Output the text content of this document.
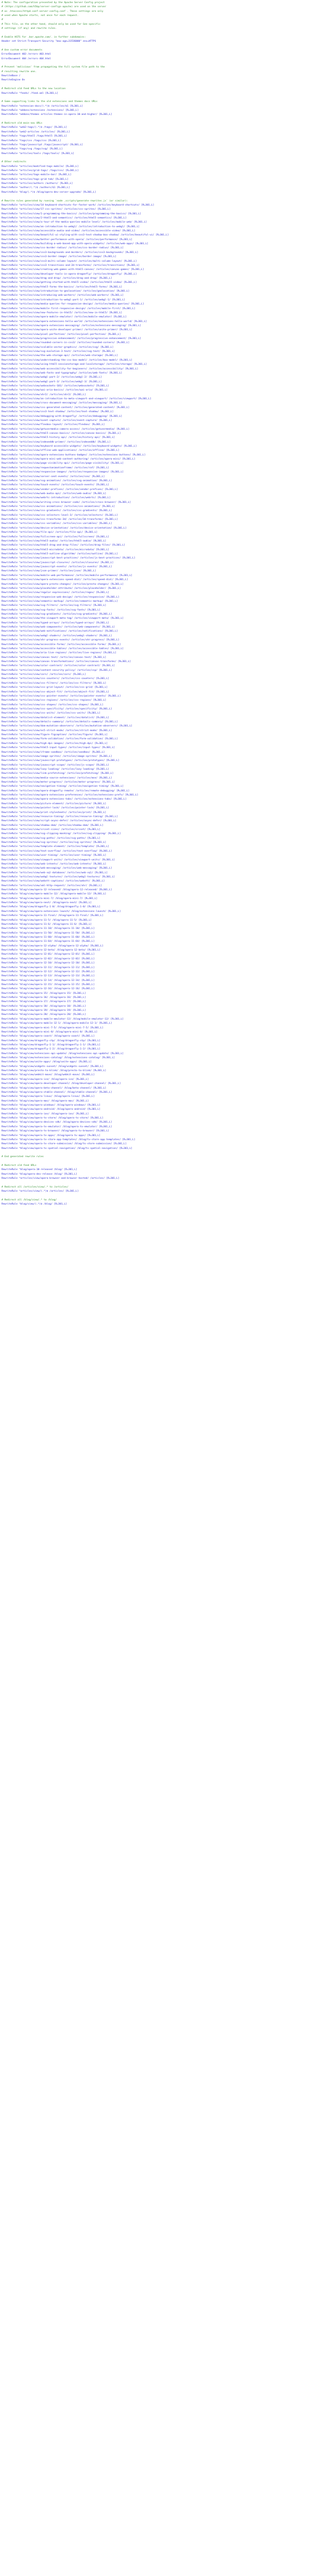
# Note: The configuration presented by the Apache Server Config project
# (https://github.com/h5bp/server-configs-apache) are used on the server
# as .htaccess/httpd.conf-server-config.conf . These settings are only
# used when Apache starts, not once for each request.
#
# This file, on the other hand, should only be used for Gen-specific
# settings (if any) and rewrite rules.
# Enable HSTS for .bar.apache.com/. in further subdomains:
Header set Strict-Transport-Security "max-age=31536000" env=HTTPS
# Use custom error documents
ErrorDocument 403 /errors-403.html
ErrorDocument 404 /errors-404.html
# Prevent 'malicious' from propagating the full system file path to the
# resulting rewrite one.
RewriteBase /
RewriteEngine On
# Redirect old feed URLs to the new location
RewriteRule ^feeds/ /feed.xml [R=301,L]
# Some supporting links to the old extensions and themes docs URLs
RewriteRule ^extension-docs/(.*)$ /articles/$1 [R=301,L]
RewriteRule ^addons/extensions /extensions/ [R=301,L]
RewriteRule ^addons/themes articles-themes-in-opera-10-and-higher/ [R=301,L]
# Redirect old main-nav URLs
RewriteRule ^web2-tags/(.*)$ /tags/ [R=301,L]
RewriteRule ^web2-articles /articles/ [R=301,L]
RewriteRule ^tags/html5 /tags/html5 [R=301,L]
RewriteRule ^tags/css /tags/css [R=301,L]
RewriteRule ^tags/javascript /tags/javascript/ [R=301,L]
RewriteRule ^tags/svg /tags/svg/ [R=301,L]
RewriteRule ^articles/tools /tags/tools/ [R=301,L]
# Other redirects
RewriteRule ^articles/modified-tags-mobile/ [R=301,L]
RewriteRule ^articles/grid-tags/ /tags/css/ [R=301,L]
RewriteRule ^articles/tags-mobile-bar/ [R=301,L]
RewriteRule ^articles/tags-grid-tab/ [R=301,L]
RewriteRule ^articles/authors /authors/ [R=301,L]
RewriteRule ^author/(.*)$ /authors/$1 [R=301,L]
RewriteRule ^blog/(.*)$ /blog/opera-dev-server-upgrade/ [R=301,L]
# Rewrite rules generated by running `node _scripts/generate-rewrites.js` (or similar):
RewriteRule ^articles/view/14-keyboard-shortcuts-for-faster-work/ /articles/keyboard-shortcuts/ [R=301,L]
RewriteRule ^articles/view/17-css-sprites/ /articles/css-sprites/ [R=301,L]
RewriteRule ^articles/view/1-programming-the-basics/ /articles/programming-the-basics/ [R=301,L]
RewriteRule ^articles/view/2-html5-and-semantics/ /articles/html5-semantics/ [R=301,L]
RewriteRule ^articles/view/a-tour-of-the-media-queries-mobile-level/ /articles/mobile-web/ [R=301,L]
RewriteRule ^articles/view/an-introduction-to-webgl/ /articles/introduction-to-webgl/ [R=301,L]
RewriteRule ^articles/view/accessible-audio-and-video/ /articles/accessible-video/ [R=301,L]
RewriteRule ^articles/view/beautiful-ui-styling-with-css3-text-shadow-box-shadow/ /articles/beautiful-ui/ [R=301,L]
RewriteRule ^articles/view/better-performance-with-opera/ /articles/performance/ [R=301,L]
RewriteRule ^articles/view/building-a-web-based-app-with-opera-widgets/ /articles/web-apps/ [R=301,L]
RewriteRule ^articles/view/css-border-radius/ /articles/css-border-radius/ [R=301,L]
RewriteRule ^articles/view/css3-backgrounds-and-borders/ /articles/css3-backgrounds/ [R=301,L]
RewriteRule ^articles/view/css3-border-image/ /articles/border-image/ [R=301,L]
RewriteRule ^articles/view/css3-multi-column-layout/ /articles/multi-column-layout/ [R=301,L]
RewriteRule ^articles/view/css3-transitions-and-2d-transforms/ /articles/transitions/ [R=301,L]
RewriteRule ^articles/view/creating-web-games-with-html5-canvas/ /articles/canvas-games/ [R=301,L]
RewriteRule ^articles/view/developer-tools-in-opera-dragonfly/ /articles/dragonfly/ [R=301,L]
RewriteRule ^articles/view/drag-and-drop/ /articles/drag-and-drop/ [R=301,L]
RewriteRule ^articles/view/getting-started-with-html5-video/ /articles/html5-video/ [R=301,L]
RewriteRule ^articles/view/html5-forms-the-basics/ /articles/html5-forms/ [R=301,L]
RewriteRule ^articles/view/introduction-to-geolocation/ /articles/geolocation/ [R=301,L]
RewriteRule ^articles/view/introducing-web-workers/ /articles/web-workers/ [R=301,L]
RewriteRule ^articles/view/introduction-to-webgl-part-1/ /articles/webgl-1/ [R=301,L]
RewriteRule ^articles/view/media-queries-for-responsive-design/ /articles/media-queries/ [R=301,L]
RewriteRule ^articles/view/mobile-first-responsive-design/ /articles/mobile-first/ [R=301,L]
RewriteRule ^articles/view/new-features-in-html5/ /articles/new-in-html5/ [R=301,L]
RewriteRule ^articles/view/opera-mobile-emulator/ /articles/mobile-emulator/ [R=301,L]
RewriteRule ^articles/view/opera-extensions-hello-world/ /articles/extensions-hello-world/ [R=301,L]
RewriteRule ^articles/view/opera-extensions-messaging/ /articles/extensions-messaging/ [R=301,L]
RewriteRule ^articles/view/opera-unite-developer-primer/ /articles/unite-primer/ [R=301,L]
RewriteRule ^articles/view/pixel-perfection/ /articles/pixel-perfection/ [R=301,L]
RewriteRule ^articles/view/progressive-enhancement/ /articles/progressive-enhancement/ [R=301,L]
RewriteRule ^articles/view/rounded-corners-in-css3/ /articles/rounded-corners/ [R=301,L]
RewriteRule ^articles/view/scalable-vector-graphics/ /articles/svg/ [R=301,L]
RewriteRule ^articles/view/svg-evolution-3-text/ /articles/svg-text/ [R=301,L]
RewriteRule ^articles/view/the-web-storage-api/ /articles/web-storage/ [R=301,L]
RewriteRule ^articles/view/understanding-the-css-box-model/ /articles/box-model/ [R=301,L]
RewriteRule ^articles/view/using-html5-sessionstorage-and-localstorage/ /articles/storage/ [R=301,L]
RewriteRule ^articles/view/web-accessibility-for-beginners/ /articles/accessibility/ [R=301,L]
RewriteRule ^articles/view/web-fonts-and-typography/ /articles/web-fonts/ [R=301,L]
RewriteRule ^articles/view/webgl-part-2/ /articles/webgl-2/ [R=301,L]
RewriteRule ^articles/view/webgl-part-3/ /articles/webgl-3/ [R=301,L]
RewriteRule ^articles/view/websockets-101/ /articles/websockets/ [R=301,L]
RewriteRule ^articles/view/wai-aria-basics/ /articles/wai-aria/ [R=301,L]
RewriteRule ^articles/view/xhr2/ /articles/xhr2/ [R=301,L]
RewriteRule ^articles/view/an-introduction-to-meta-viewport-and-viewport/ /articles/viewport/ [R=301,L]
RewriteRule ^articles/view/cross-document-messaging/ /articles/messaging/ [R=301,L]
RewriteRule ^articles/view/css-generated-content/ /articles/generated-content/ [R=301,L]
RewriteRule ^articles/view/css3-text-shadow/ /articles/text-shadow/ [R=301,L]
RewriteRule ^articles/view/debugging-with-dragonfly/ /articles/debugging/ [R=301,L]
RewriteRule ^articles/view/event-capture/ /articles/event-capture/ [R=301,L]
RewriteRule ^articles/view/flexbox-layout/ /articles/flexbox/ [R=301,L]
RewriteRule ^articles/view/getusermedia-camera-access/ /articles/getusermedia/ [R=301,L]
RewriteRule ^articles/view/html5-canvas-basics/ /articles/canvas-basics/ [R=301,L]
RewriteRule ^articles/view/html5-history-api/ /articles/history-api/ [R=301,L]
RewriteRule ^articles/view/indexeddb-primer/ /articles/indexeddb/ [R=301,L]
RewriteRule ^articles/view/keyboard-accessible-widgets/ /articles/keyboard-widgets/ [R=301,L]
RewriteRule ^articles/view/offline-web-applications/ /articles/offline/ [R=301,L]
RewriteRule ^articles/view/opera-extensions-buttons-badges/ /articles/extensions-buttons/ [R=301,L]
RewriteRule ^articles/view/opera-mini-web-content-authoring/ /articles/opera-mini/ [R=301,L]
RewriteRule ^articles/view/page-visibility-api/ /articles/page-visibility/ [R=301,L]
RewriteRule ^articles/view/requestanimationframe/ /articles/raf/ [R=301,L]
RewriteRule ^articles/view/responsive-images/ /articles/responsive-images/ [R=301,L]
RewriteRule ^articles/view/server-sent-events/ /articles/sse/ [R=301,L]
RewriteRule ^articles/view/svg-animation/ /articles/svg-animation/ [R=301,L]
RewriteRule ^articles/view/touch-events/ /articles/touch-events/ [R=301,L]
RewriteRule ^articles/view/vendor-prefixes/ /articles/vendor-prefixes/ [R=301,L]
RewriteRule ^articles/view/web-audio-api/ /articles/web-audio/ [R=301,L]
RewriteRule ^articles/view/webrtc-introduction/ /articles/webrtc/ [R=301,L]
RewriteRule ^articles/view/writing-cross-browser-code/ /articles/cross-browser/ [R=301,L]
RewriteRule ^articles/view/css-animations/ /articles/css-animations/ [R=301,L]
RewriteRule ^articles/view/css-gradients/ /articles/css-gradients/ [R=301,L]
RewriteRule ^articles/view/css-selectors-level-3/ /articles/selectors/ [R=301,L]
RewriteRule ^articles/view/css-transforms-3d/ /articles/3d-transforms/ [R=301,L]
RewriteRule ^articles/view/css-variables/ /articles/css-variables/ [R=301,L]
RewriteRule ^articles/view/device-orientation/ /articles/device-orientation/ [R=301,L]
RewriteRule ^articles/view/file-api/ /articles/file-api/ [R=301,L]
RewriteRule ^articles/view/fullscreen-api/ /articles/fullscreen/ [R=301,L]
RewriteRule ^articles/view/html5-audio/ /articles/html5-audio/ [R=301,L]
RewriteRule ^articles/view/html5-drag-and-drop-files/ /articles/drag-files/ [R=301,L]
RewriteRule ^articles/view/html5-microdata/ /articles/microdata/ [R=301,L]
RewriteRule ^articles/view/html5-outline-algorithm/ /articles/outline/ [R=301,L]
RewriteRule ^articles/view/javascript-best-practices/ /articles/js-best-practices/ [R=301,L]
RewriteRule ^articles/view/javascript-closures/ /articles/closures/ [R=301,L]
RewriteRule ^articles/view/javascript-events/ /articles/js-events/ [R=301,L]
RewriteRule ^articles/view/json-primer/ /articles/json/ [R=301,L]
RewriteRule ^articles/view/mobile-web-performance/ /articles/mobile-performance/ [R=301,L]
RewriteRule ^articles/view/opera-extensions-speed-dial/ /articles/speed-dial/ [R=301,L]
RewriteRule ^articles/view/opera-presto-changes/ /articles/presto-changes/ [R=301,L]
RewriteRule ^articles/view/placeholder-attribute/ /articles/placeholder/ [R=301,L]
RewriteRule ^articles/view/regular-expressions/ /articles/regex/ [R=301,L]
RewriteRule ^articles/view/responsive-web-design/ /articles/responsive/ [R=301,L]
RewriteRule ^articles/view/semantic-markup/ /articles/semantic-markup/ [R=301,L]
RewriteRule ^articles/view/svg-filters/ /articles/svg-filters/ [R=301,L]
RewriteRule ^articles/view/svg-fonts/ /articles/svg-fonts/ [R=301,L]
RewriteRule ^articles/view/svg-gradients/ /articles/svg-gradients/ [R=301,L]
RewriteRule ^articles/view/the-viewport-meta-tag/ /articles/viewport-meta/ [R=301,L]
RewriteRule ^articles/view/typed-arrays/ /articles/typed-arrays/ [R=301,L]
RewriteRule ^articles/view/web-components/ /articles/web-components/ [R=301,L]
RewriteRule ^articles/view/web-notifications/ /articles/notifications/ [R=301,L]
RewriteRule ^articles/view/webgl-shaders/ /articles/webgl-shaders/ [R=301,L]
RewriteRule ^articles/view/xhr-progress-events/ /articles/xhr-progress/ [R=301,L]
RewriteRule ^articles/view/accessible-forms/ /articles/accessible-forms/ [R=301,L]
RewriteRule ^articles/view/accessible-tables/ /articles/accessible-tables/ [R=301,L]
RewriteRule ^articles/view/aria-live-regions/ /articles/live-regions/ [R=301,L]
RewriteRule ^articles/view/canvas-text/ /articles/canvas-text/ [R=301,L]
RewriteRule ^articles/view/canvas-transformations/ /articles/canvas-transforms/ [R=301,L]
RewriteRule ^articles/view/color-contrast/ /articles/color-contrast/ [R=301,L]
RewriteRule ^articles/view/content-security-policy/ /articles/csp/ [R=301,L]
RewriteRule ^articles/view/cors/ /articles/cors/ [R=301,L]
RewriteRule ^articles/view/css-counters/ /articles/css-counters/ [R=301,L]
RewriteRule ^articles/view/css-filters/ /articles/css-filters/ [R=301,L]
RewriteRule ^articles/view/css-grid-layout/ /articles/css-grid/ [R=301,L]
RewriteRule ^articles/view/css-object-fit/ /articles/object-fit/ [R=301,L]
RewriteRule ^articles/view/css-pointer-events/ /articles/pointer-events/ [R=301,L]
RewriteRule ^articles/view/css-regions/ /articles/css-regions/ [R=301,L]
RewriteRule ^articles/view/css-shapes/ /articles/css-shapes/ [R=301,L]
RewriteRule ^articles/view/css-specificity/ /articles/specificity/ [R=301,L]
RewriteRule ^articles/view/css-units/ /articles/css-units/ [R=301,L]
RewriteRule ^articles/view/datalist-element/ /articles/datalist/ [R=301,L]
RewriteRule ^articles/view/details-summary/ /articles/details-summary/ [R=301,L]
RewriteRule ^articles/view/dom-mutation-observers/ /articles/mutation-observers/ [R=301,L]
RewriteRule ^articles/view/es5-strict-mode/ /articles/strict-mode/ [R=301,L]
RewriteRule ^articles/view/figure-figcaption/ /articles/figure/ [R=301,L]
RewriteRule ^articles/view/form-validation/ /articles/form-validation/ [R=301,L]
RewriteRule ^articles/view/high-dpi-images/ /articles/high-dpi/ [R=301,L]
RewriteRule ^articles/view/html5-input-types/ /articles/input-types/ [R=301,L]
RewriteRule ^articles/view/iframe-sandbox/ /articles/sandbox/ [R=301,L]
RewriteRule ^articles/view/image-sprites/ /articles/image-sprites/ [R=301,L]
RewriteRule ^articles/view/javascript-prototypes/ /articles/prototypes/ [R=301,L]
RewriteRule ^articles/view/javascript-scope/ /articles/js-scope/ [R=301,L]
RewriteRule ^articles/view/lazy-loading/ /articles/lazy-loading/ [R=301,L]
RewriteRule ^articles/view/link-prefetching/ /articles/prefetching/ [R=301,L]
RewriteRule ^articles/view/media-source-extensions/ /articles/mse/ [R=301,L]
RewriteRule ^articles/view/meter-progress/ /articles/meter-progress/ [R=301,L]
RewriteRule ^articles/view/navigation-timing/ /articles/navigation-timing/ [R=301,L]
RewriteRule ^articles/view/opera-dragonfly-remote/ /articles/remote-debugging/ [R=301,L]
RewriteRule ^articles/view/opera-extensions-preferences/ /articles/extensions-prefs/ [R=301,L]
RewriteRule ^articles/view/opera-extensions-tabs/ /articles/extensions-tabs/ [R=301,L]
RewriteRule ^articles/view/picture-element/ /articles/picture/ [R=301,L]
RewriteRule ^articles/view/pointer-lock/ /articles/pointer-lock/ [R=301,L]
RewriteRule ^articles/view/print-stylesheets/ /articles/print/ [R=301,L]
RewriteRule ^articles/view/resource-timing/ /articles/resource-timing/ [R=301,L]
RewriteRule ^articles/view/script-async-defer/ /articles/async-defer/ [R=301,L]
RewriteRule ^articles/view/shadow-dom/ /articles/shadow-dom/ [R=301,L]
RewriteRule ^articles/view/srcset-sizes/ /articles/srcset/ [R=301,L]
RewriteRule ^articles/view/svg-clipping-masking/ /articles/svg-clipping/ [R=301,L]
RewriteRule ^articles/view/svg-paths/ /articles/svg-paths/ [R=301,L]
RewriteRule ^articles/view/svg-sprites/ /articles/svg-sprites/ [R=301,L]
RewriteRule ^articles/view/template-element/ /articles/template/ [R=301,L]
RewriteRule ^articles/view/text-overflow/ /articles/text-overflow/ [R=301,L]
RewriteRule ^articles/view/user-timing/ /articles/user-timing/ [R=301,L]
RewriteRule ^articles/view/viewport-units/ /articles/viewport-units/ [R=301,L]
RewriteRule ^articles/view/web-intents/ /articles/web-intents/ [R=301,L]
RewriteRule ^articles/view/web-messaging/ /articles/web-messaging/ [R=301,L]
RewriteRule ^articles/view/web-sql-database/ /articles/web-sql/ [R=301,L]
RewriteRule ^articles/view/webgl-textures/ /articles/webgl-textures/ [R=301,L]
RewriteRule ^articles/view/webvtt-captions/ /articles/webvtt/ [R=301,L]
RewriteRule ^articles/view/xml-http-request/ /articles/xhr/ [R=301,L]
RewriteRule ^blog/view/opera-12-released/ /blog/opera-12-released/ [R=301,L]
RewriteRule ^blog/view/opera-mobile-12/ /blog/opera-mobile-12/ [R=301,L]
RewriteRule ^blog/view/opera-mini-7/ /blog/opera-mini-7/ [R=301,L]
RewriteRule ^blog/view/opera-next/ /blog/opera-next/ [R=301,L]
RewriteRule ^blog/view/dragonfly-1-0/ /blog/dragonfly-1-0/ [R=301,L]
RewriteRule ^blog/view/opera-extensions-launch/ /blog/extensions-launch/ [R=301,L]
RewriteRule ^blog/view/opera-11-final/ /blog/opera-11-final/ [R=301,L]
RewriteRule ^blog/view/opera-11-5/ /blog/opera-11-5/ [R=301,L]
RewriteRule ^blog/view/opera-11-6/ /blog/opera-11-6/ [R=301,L]
RewriteRule ^blog/view/opera-11-10/ /blog/opera-11-10/ [R=301,L]
RewriteRule ^blog/view/opera-11-50/ /blog/opera-11-50/ [R=301,L]
RewriteRule ^blog/view/opera-11-60/ /blog/opera-11-60/ [R=301,L]
RewriteRule ^blog/view/opera-11-64/ /blog/opera-11-64/ [R=301,L]
RewriteRule ^blog/view/opera-12-alpha/ /blog/opera-12-alpha/ [R=301,L]
RewriteRule ^blog/view/opera-12-beta/ /blog/opera-12-beta/ [R=301,L]
RewriteRule ^blog/view/opera-12-01/ /blog/opera-12-01/ [R=301,L]
RewriteRule ^blog/view/opera-12-02/ /blog/opera-12-02/ [R=301,L]
RewriteRule ^blog/view/opera-12-10/ /blog/opera-12-10/ [R=301,L]
RewriteRule ^blog/view/opera-12-11/ /blog/opera-12-11/ [R=301,L]
RewriteRule ^blog/view/opera-12-12/ /blog/opera-12-12/ [R=301,L]
RewriteRule ^blog/view/opera-12-13/ /blog/opera-12-13/ [R=301,L]
RewriteRule ^blog/view/opera-12-14/ /blog/opera-12-14/ [R=301,L]
RewriteRule ^blog/view/opera-12-15/ /blog/opera-12-15/ [R=301,L]
RewriteRule ^blog/view/opera-12-16/ /blog/opera-12-16/ [R=301,L]
RewriteRule ^blog/view/opera-15/ /blog/opera-15/ [R=301,L]
RewriteRule ^blog/view/opera-16/ /blog/opera-16/ [R=301,L]
RewriteRule ^blog/view/opera-17/ /blog/opera-17/ [R=301,L]
RewriteRule ^blog/view/opera-18/ /blog/opera-18/ [R=301,L]
RewriteRule ^blog/view/opera-19/ /blog/opera-19/ [R=301,L]
RewriteRule ^blog/view/opera-20/ /blog/opera-20/ [R=301,L]
RewriteRule ^blog/view/opera-mobile-emulator-12/ /blog/mobile-emulator-12/ [R=301,L]
RewriteRule ^blog/view/opera-mobile-12-1/ /blog/opera-mobile-12-1/ [R=301,L]
RewriteRule ^blog/view/opera-mini-7-5/ /blog/opera-mini-7-5/ [R=301,L]
RewriteRule ^blog/view/opera-mini-8/ /blog/opera-mini-8/ [R=301,L]
RewriteRule ^blog/view/opera-coast/ /blog/opera-coast/ [R=301,L]
RewriteRule ^blog/view/dragonfly-stp/ /blog/dragonfly-stp/ [R=301,L]
RewriteRule ^blog/view/dragonfly-1-1/ /blog/dragonfly-1-1/ [R=301,L]
RewriteRule ^blog/view/dragonfly-1-2/ /blog/dragonfly-1-2/ [R=301,L]
RewriteRule ^blog/view/extensions-api-update/ /blog/extensions-api-update/ [R=301,L]
RewriteRule ^blog/view/extensions-catalog/ /blog/extensions-catalog/ [R=301,L]
RewriteRule ^blog/view/unite-apps/ /blog/unite-apps/ [R=301,L]
RewriteRule ^blog/view/widgets-sunset/ /blog/widgets-sunset/ [R=301,L]
RewriteRule ^blog/view/presto-to-blink/ /blog/presto-to-blink/ [R=301,L]
RewriteRule ^blog/view/webkit-move/ /blog/webkit-move/ [R=301,L]
RewriteRule ^blog/view/opera-ice/ /blog/opera-ice/ [R=301,L]
RewriteRule ^blog/view/opera-developer-channel/ /blog/developer-channel/ [R=301,L]
RewriteRule ^blog/view/opera-beta-channel/ /blog/beta-channel/ [R=301,L]
RewriteRule ^blog/view/opera-stable-channel/ /blog/stable-channel/ [R=301,L]
RewriteRule ^blog/view/opera-linux/ /blog/opera-linux/ [R=301,L]
RewriteRule ^blog/view/opera-mac/ /blog/opera-mac/ [R=301,L]
RewriteRule ^blog/view/opera-windows/ /blog/opera-windows/ [R=301,L]
RewriteRule ^blog/view/opera-android/ /blog/opera-android/ [R=301,L]
RewriteRule ^blog/view/opera-ios/ /blog/opera-ios/ [R=301,L]
RewriteRule ^blog/view/opera-tv-store/ /blog/opera-tv-store/ [R=301,L]
RewriteRule ^blog/view/opera-devices-sdk/ /blog/opera-devices-sdk/ [R=301,L]
RewriteRule ^blog/view/opera-tv-emulator/ /blog/opera-tv-emulator/ [R=301,L]
RewriteRule ^blog/view/opera-tv-browser/ /blog/opera-tv-browser/ [R=301,L]
RewriteRule ^blog/view/opera-tv-apps/ /blog/opera-tv-apps/ [R=301,L]
RewriteRule ^blog/view/opera-tv-store-app-templates/ /blog/tv-store-app-templates/ [R=301,L]
RewriteRule ^blog/view/opera-tv-store-submission/ /blog/tv-store-submission/ [R=301,L]
RewriteRule ^blog/view/opera-tv-spatial-navigation/ /blog/tv-spatial-navigation/ [R=301,L]
# End generated rewrite rules
# Redirect old feed URLs
RewriteRule ^blog/opera-10-released /blog/ [R=301,L]
RewriteRule ^blog/opera-dev-release /blog/ [R=301,L]
RewriteRule ^articles/view/opera-browser-and-browser-hosted/ /articles/ [R=301,L]
# Redirect all /articles/view/.* to /articles/
RewriteRule ^articles/view/(.*)$ /articles/ [R=301,L]
# Redirect all /blog/view/.* to /blog/
RewriteRule ^blog/view/(.*)$ /blog/ [R=301,L]
